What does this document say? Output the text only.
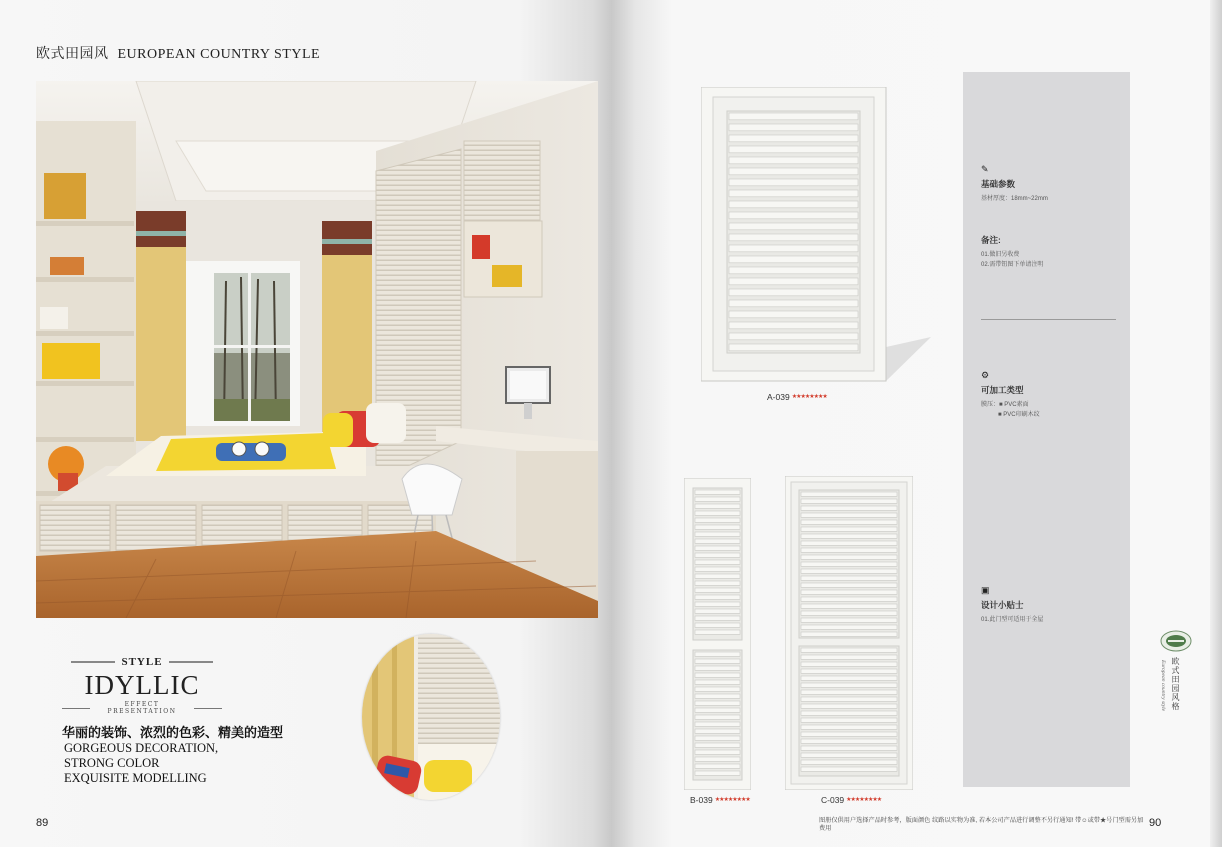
欧式田园风 EUROPEAN COUNTRY STYLE
STYLE
IDYLLIC
EFFECT PRESENTATION
华丽的装饰、浓烈的色彩、精美的造型
GORGEOUS DECORATION,
STRONG COLOR
EXQUISITE MODELLING
89
A-039 ★★★★★★★★
B-039 ★★★★★★★★	C-039 ★★★★★★★★
✎
基础参数
基材厚度：18mm~22mm
备注:
01.做旧另收费
02.需带钮图下单请注明
⚙
可加工类型
膜压：■ PVC素面
■ PVC印刷木纹
▣
设计小贴士
01.此门型可适用于全屋
欧式田园风格
European country style
图册仅供用户选择产品时参考，版面颜色 纹路以实物为准, 若本公司产品进行调整不另行通知! 带☺或带★号门型需另加费用	90
